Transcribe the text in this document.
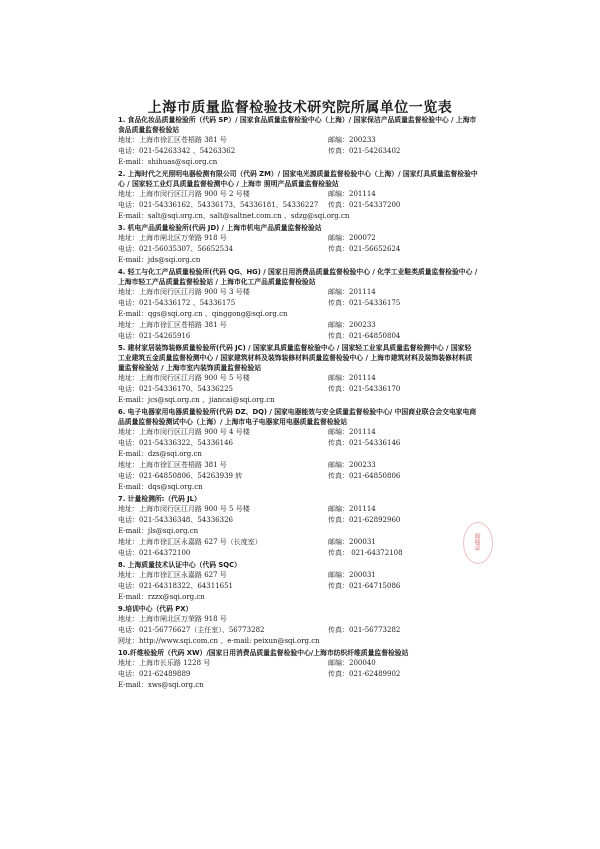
上海市质量监督检验技术研究院所属单位一览表
1. 食品化妆品质量检验所（代码 SP）/ 国家食品质量监督检验中心（上海）/ 国家保洁产品质量监督检验中心 / 上海市食品质量监督检验站
地址：上海市徐汇区苍梧路 381 号	邮编：200233
电话：021-54263342 、54263362	传真：021-54263402
E-mail：shihuas@sqi.org.cn
2. 上海时代之光照明电器检测有限公司（代码 ZM）/ 国家电光源质量监督检验中心（上海）/ 国家灯具质量监督检验中心 / 国家轻工业灯具质量监督检测中心 / 上海市 照明产品质量监督检验站
地址：上海市闵行区江月路 900 号 2 号楼	邮编：201114
电话：021-54336162、54336173、54336181、54336227 传真：021-54337200
E-mail：salt@sqi.org.cn、salt@saltnet.com.cn 、sdzg@sqi.org.cn
3. 机电产品质量检验所(代码 JD) / 上海市机电产品质量监督检验站
地址：上海市闸北区万荣路 918 号	邮编：200072
电话：021-56035307、56652534	传真：021-56652624
E-mail：jds@sqi.org.cn
4. 轻工与化工产品质量检验所(代码 QG、HG) / 国家日用消费品质量监督检验中心 / 化学工业鞋类质量监督检验中心 / 上海市轻工产品质量监督检验站 / 上海市化工产品质量监督检验站
地址：上海市闵行区江月路 900 号 3 号楼	邮编：201114
电话：021-54336172 、54336175	传真：021-54336175
E-mail：qgs@sqi.org.cn 、qinggong@sqi.org.cn
地址：上海市徐汇区苍梧路 381 号	邮编：200233
电话：021-54265916	传真：021-64850804
5. 建材家居装饰装修质量检验所(代码 JC) / 国家家具质量监督检验中心 / 国家轻工业家具质量监督检测中心 / 国家轻工业建筑五金质量监督检测中心 / 国家建筑材料及装饰装修材料质量监督检验中心 / 上海市建筑材料及装饰装修材料质量监督检验站 / 上海市室内装饰质量监督检验站
地址：上海市闵行区江月路 900 号 5 号楼	邮编：201114
电话：021-54336170、54336225	传真：021-54336170
E-mail：jcs@sqi.org.cn 、jiancai@sqi.org.cn
6. 电子电器家用电器质量检验所(代码 DZ、DQ) / 国家电器能效与安全质量监督检验中心/ 中国商业联合会交电家电商品质量监督检验测试中心（上海）/ 上海市电子电器家用电器质量监督检验站
地址：上海市闵行区江月路 900 号 4 号楼	邮编：201114
电话：021-54336322、54336146	传真：021-54336146
E-mail：dzs@sqi.org.cn
地址：上海市徐汇区苍梧路 381 号	邮编：200233
电话：021-64850806、54263939 转	传真：021-64850806
E-mail：dqs@sqi.org.cn
7. 计量检测所:（代码 JL）
地址：上海市闵行区江月路 900 号 5 号楼	邮编：201114
电话：021-54336348、54336326	传真：021-62892960
E-mail：jls@sqi.org.cn
地址：上海市徐汇区永嘉路 627 号（长度室）	邮编：200031
电话：021-64372100	传真： 021-64372108
8. 上海质量技术认证中心（代码 SQC）
地址：上海市徐汇区永嘉路 627 号	邮编：200031
电话：021-64318322、64311651	传真：021-64715086
E-mail：rzzx@sqi.org.cn
9.培训中心（代码 PX）
地址：上海市闸北区万荣路 918 号
电话：021-56776627（主任室）、56773282	传真：021-56773282
网址：http://www.sqi.com.cn 、e-mail: peixun@sqi.org.cn
10.纤维检验所（代码 XW）/国家日用消费品质量监督检验中心/上海市纺织纤维质量监督检验站
地址：上海市长乐路 1228 号	邮编：200040
电话：021-62489889	传真：021-62489902
E-mail：xws@sqi.org.cn
骑缝章
